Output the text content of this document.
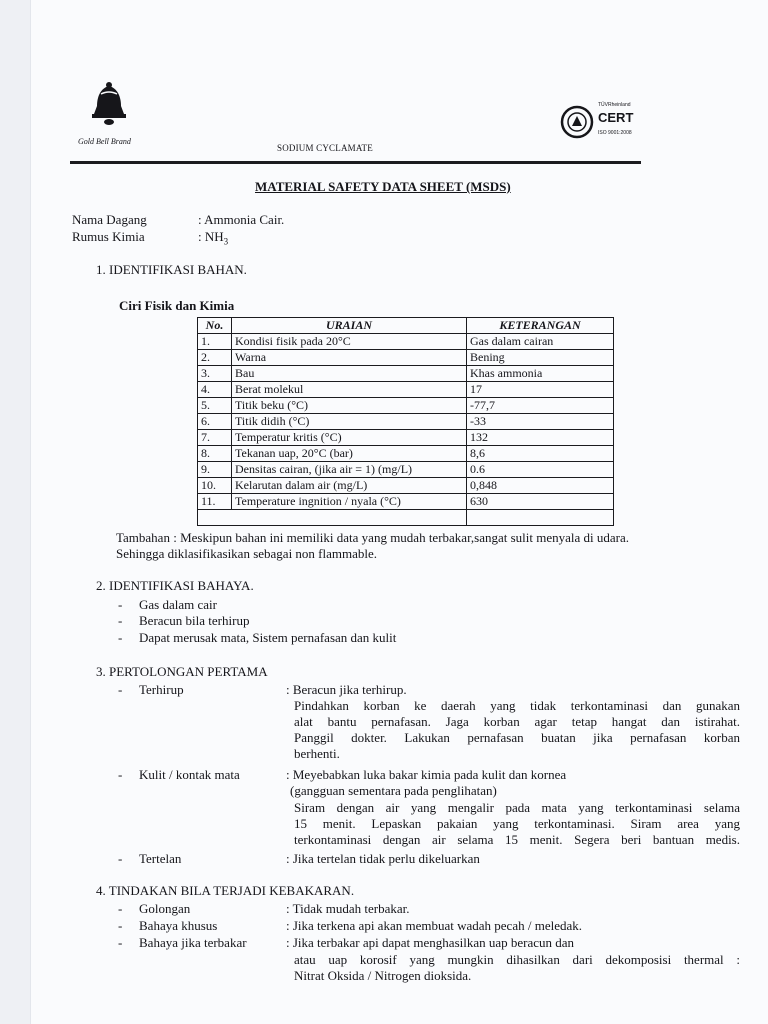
Gold Bell Brand
SODIUM CYCLAMATE
TÜVRheinland
CERT
ISO 9001:2008
MATERIAL SAFETY DATA SHEET (MSDS)
Nama Dagang	: Ammonia Cair.
Rumus Kimia	: $NH_3$
1. IDENTIFIKASI BAHAN.
Ciri Fisik dan Kimia
No.	URAIAN	KETERANGAN
1.	Kondisi fisik pada 20°C	Gas dalam cairan
2.	Warna	Bening
3.	Bau	Khas ammonia
4.	Berat molekul	17
5.	Titik beku (°C)	-77,7
6.	Titik didih (°C)	-33
7.	Temperatur kritis (°C)	132
8.	Tekanan uap, 20°C (bar)	8,6
9.	Densitas cairan, (jika air = 1) (mg/L)	0.6
10.	Kelarutan dalam air (mg/L)	0,848
11.	Temperature ingnition / nyala (°C)	630

Tambahan : Meskipun bahan ini memiliki data yang mudah terbakar,sangat sulit menyala di udara.
Sehingga diklasifikasikan sebagai non flammable.
2. IDENTIFIKASI BAHAYA.
- Gas dalam cair
- Beracun bila terhirup
- Dapat merusak mata, Sistem pernafasan dan kulit
3. PERTOLONGAN PERTAMA
- Terhirup	: Beracun jika terhirup.
Pindahkan korban ke daerah yang tidak terkontaminasi dan gunakan
alat bantu pernafasan. Jaga korban agar tetap hangat dan istirahat.
Panggil dokter. Lakukan pernafasan buatan jika pernafasan korban
berhenti.
- Kulit / kontak mata	: Meyebabkan luka bakar kimia pada kulit dan kornea
(gangguan sementara pada penglihatan)
Siram dengan air yang mengalir pada mata yang terkontaminasi selama
15 menit. Lepaskan pakaian yang terkontaminasi. Siram area yang
terkontaminasi dengan air selama 15 menit. Segera beri bantuan medis.
- Tertelan	: Jika tertelan tidak perlu dikeluarkan
4. TINDAKAN BILA TERJADI KEBAKARAN.
- Golongan	: Tidak mudah terbakar.
- Bahaya khusus	: Jika terkena api akan membuat wadah pecah / meledak.
- Bahaya jika terbakar	: Jika terbakar api dapat menghasilkan uap beracun dan
atau uap korosif yang mungkin dihasilkan dari dekomposisi thermal :
Nitrat Oksida / Nitrogen dioksida.
